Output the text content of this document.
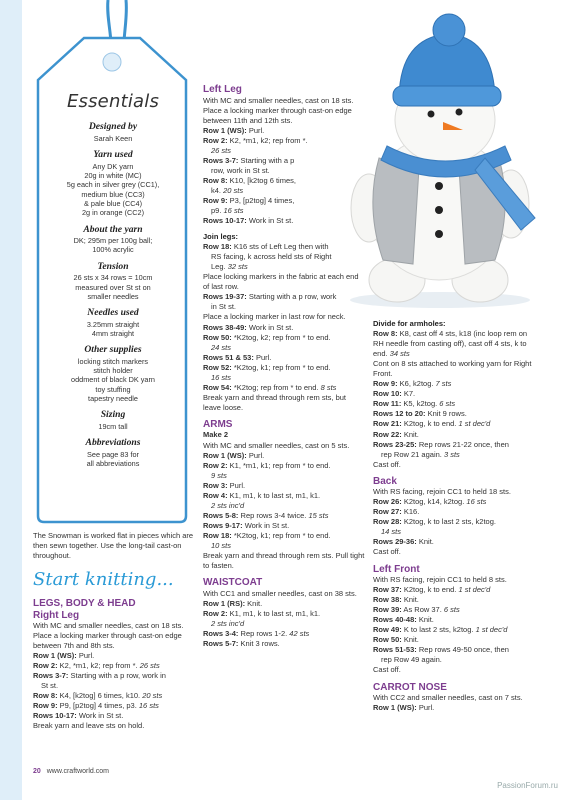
Essentials
Designed by
Sarah Keen
Yarn used
Any DK yarn
20g in white (MC)
5g each in silver grey (CC1),
medium blue (CC3)
& pale blue (CC4)
2g in orange (CC2)
About the yarn
DK; 295m per 100g ball;
100% acrylic
Tension
26 sts x 34 rows = 10cm
measured over St st on
smaller needles
Needles used
3.25mm straight
4mm straight
Other supplies
locking stitch markers
stitch holder
oddment of black DK yarn
toy stuffing
tapestry needle
Sizing
19cm tall
Abbreviations
See page 83 for
all abbreviations
The Snowman is worked flat in pieces which are then sewn together. Use the long-tail cast-on throughout.
Start knitting...
LEGS, BODY & HEAD
Right Leg
With MC and smaller needles, cast on 18 sts.
Place a locking marker through cast-on edge between 7th and 8th sts.
Row 1 (WS): Purl.
Row 2: K2, *m1, k2; rep from *. 26 sts
Rows 3-7: Starting with a p row, work in
St st.
Row 8: K4, [k2tog] 6 times, k10. 20 sts
Row 9: P9, [p2tog] 4 times, p3. 16 sts
Rows 10-17: Work in St st.
Break yarn and leave sts on hold.
Left Leg
With MC and smaller needles, cast on 18 sts.
Place a locking marker through cast-on edge between 11th and 12th sts.
Row 1 (WS): Purl.
Row 2: K2, *m1, k2; rep from *.
26 sts
Rows 3-7: Starting with a p
row, work in St st.
Row 8: K10, [k2tog 6 times,
k4. 20 sts
Row 9: P3, [p2tog] 4 times,
p9. 16 sts
Rows 10-17: Work in St st.
Join legs:
Row 18: K16 sts of Left Leg then with
RS facing, k across held sts of Right
Leg. 32 sts
Place locking markers in the fabric at each end of last row.
Rows 19-37: Starting with a p row, work
in St st.
Place a locking marker in last row for neck.
Rows 38-49: Work in St st.
Row 50: *K2tog, k2; rep from * to end.
24 sts
Rows 51 & 53: Purl.
Row 52: *K2tog, k1; rep from * to end.
16 sts
Row 54: *K2tog; rep from * to end. 8 sts
Break yarn and thread through rem sts, but leave loose.
ARMS
Make 2
With MC and smaller needles, cast on 5 sts.
Row 1 (WS): Purl.
Row 2: K1, *m1, k1; rep from * to end.
9 sts
Row 3: Purl.
Row 4: K1, m1, k to last st, m1, k1.
2 sts inc'd
Rows 5-8: Rep rows 3-4 twice. 15 sts
Rows 9-17: Work in St st.
Row 18: *K2tog, k1; rep from * to end.
10 sts
Break yarn and thread through rem sts. Pull tight to fasten.
WAISTCOAT
With CC1 and smaller needles, cast on 38 sts.
Row 1 (RS): Knit.
Row 2: K1, m1, k to last st, m1, k1.
2 sts inc'd
Rows 3-4: Rep rows 1-2. 42 sts
Rows 5-7: Knit 3 rows.
Divide for armholes:
Row 8: K8, cast off 4 sts, k18 (inc loop rem on RH needle from casting off), cast off 4 sts, k to end. 34 sts
Cont on 8 sts attached to working yarn for Right Front.
Row 9: K6, k2tog. 7 sts
Row 10: K7.
Row 11: K5, k2tog. 6 sts
Rows 12 to 20: Knit 9 rows.
Row 21: K2tog, k to end. 1 st dec'd
Row 22: Knit.
Rows 23-25: Rep rows 21-22 once, then
rep Row 21 again. 3 sts
Cast off.
Back
With RS facing, rejoin CC1 to held 18 sts.
Row 26: K2tog, k14, k2tog. 16 sts
Row 27: K16.
Row 28: K2tog, k to last 2 sts, k2tog.
14 sts
Rows 29-36: Knit.
Cast off.
Left Front
With RS facing, rejoin CC1 to held 8 sts.
Row 37: K2tog, k to end. 1 st dec'd
Row 38: Knit.
Row 39: As Row 37. 6 sts
Rows 40-48: Knit.
Row 49: K to last 2 sts, k2tog. 1 st dec'd
Row 50: Knit.
Rows 51-53: Rep rows 49-50 once, then
rep Row 49 again.
Cast off.
CARROT NOSE
With CC2 and smaller needles, cast on 7 sts.
Row 1 (WS): Purl.
20 www.craftworld.com
PassionForum.ru
